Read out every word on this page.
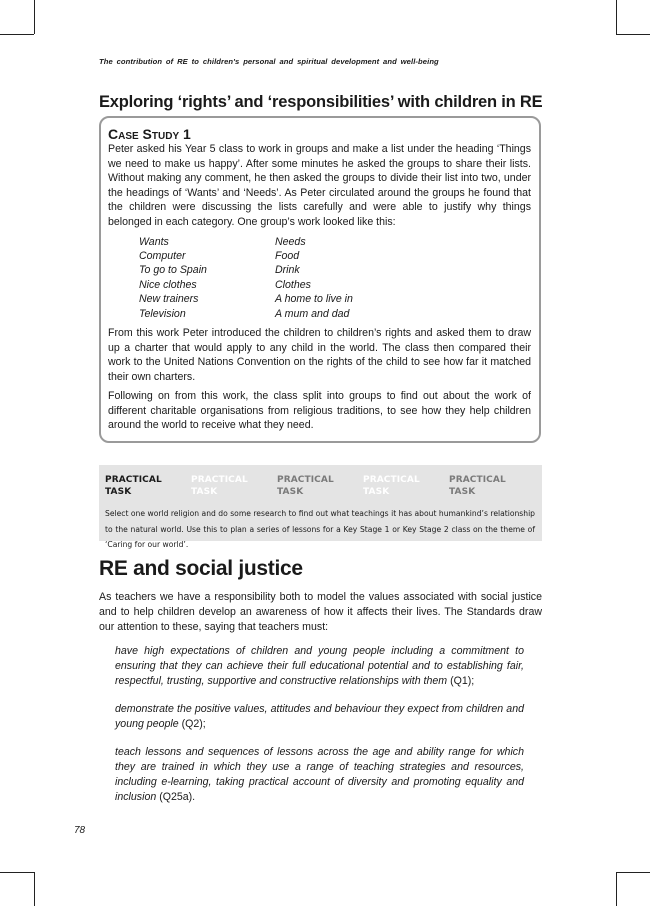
The contribution of RE to children's personal and spiritual development and well-being
Exploring ‘rights’ and ‘responsibilities’ with children in RE
Case Study 1

Peter asked his Year 5 class to work in groups and make a list under the heading ‘Things we need to make us happy’. After some minutes he asked the groups to share their lists. Without making any comment, he then asked the groups to divide their list into two, under the headings of ‘Wants’ and ‘Needs’. As Peter circulated around the groups he found that the children were discussing the lists carefully and were able to justify why things belonged in each category. One group’s work looked like this:

Wants	Needs
Computer	Food
To go to Spain	Drink
Nice clothes	Clothes
New trainers	A home to live in
Television	A mum and dad

From this work Peter introduced the children to children’s rights and asked them to draw up a charter that would apply to any child in the world. The class then compared their work to the United Nations Convention on the rights of the child to see how far it matched their own charters.

Following on from this work, the class split into groups to find out about the work of different charitable organisations from religious traditions, to see how they help children around the world to receive what they need.

PRACTICAL TASK
PRACTICAL TASK
PRACTICAL TASK
PRACTICAL TASK
PRACTICAL TASK

Select one world religion and do some research to find out what teachings it has about humankind’s relationship to the natural world. Use this to plan a series of lessons for a Key Stage 1 or Key Stage 2 class on the theme of ‘Caring for our world’.

RE and social justice

As teachers we have a responsibility both to model the values associated with social justice and to help children develop an awareness of how it affects their lives. The Standards draw our attention to these, saying that teachers must:

have high expectations of children and young people including a commitment to ensuring that they can achieve their full educational potential and to establishing fair, respectful, trusting, supportive and constructive relationships with them (Q1);

demonstrate the positive values, attitudes and behaviour they expect from children and young people (Q2);

teach lessons and sequences of lessons across the age and ability range for which they are trained in which they use a range of teaching strategies and resources, including e-learning, taking practical account of diversity and promoting equality and inclusion (Q25a).

78
